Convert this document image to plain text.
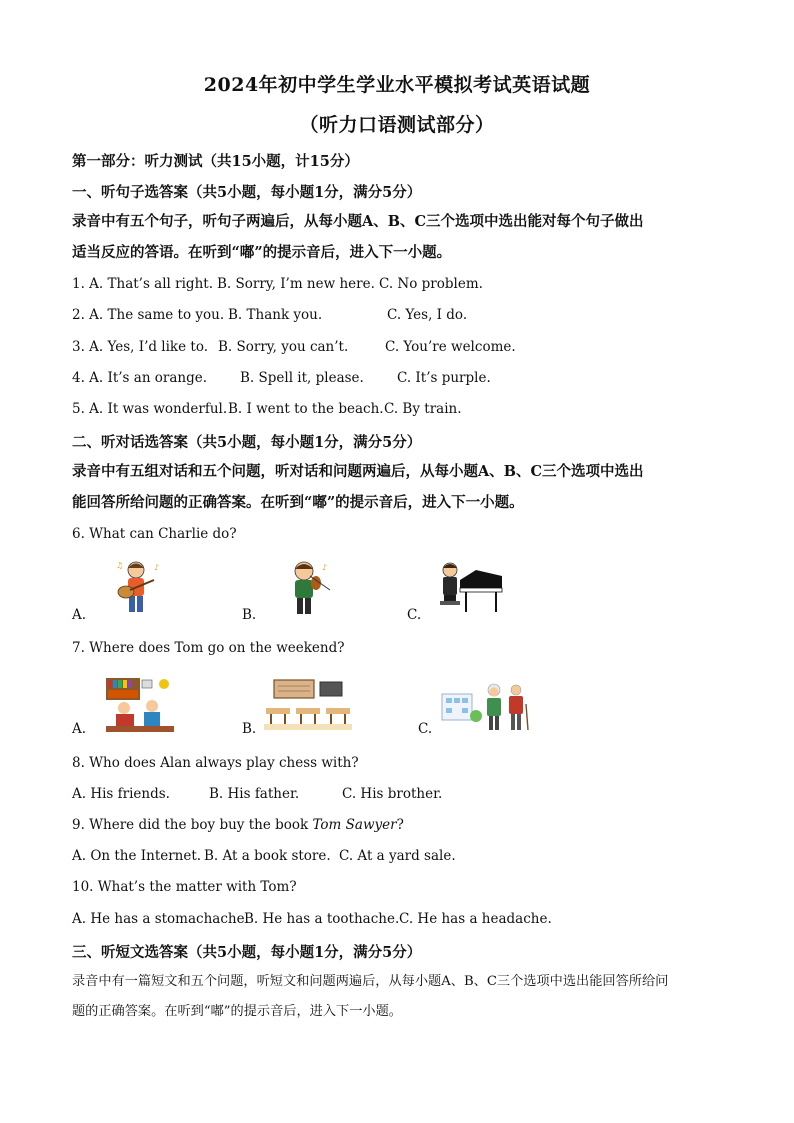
2024年初中学生学业水平模拟考试英语试题
（听力口语测试部分）
第一部分：听力测试（共15小题，计15分）
一、听句子选答案（共5小题，每小题1分，满分5分）
录音中有五个句子，听句子两遍后，从每小题A、B、C三个选项中选出能对每个句子做出
适当反应的答语。在听到“嘟”的提示音后，进入下一小题。
1. A. That’s all right. B. Sorry, I’m new here. C. No problem.
2. A. The same to you. B. Thank you.	C. Yes, I do.
3. A. Yes, I’d like to. B. Sorry, you can’t.	C. You’re welcome.
4. A. It’s an orange. B. Spell it, please. C. It’s purple.
5. A. It was wonderful. B. I went to the beach. C. By train.
二、听对话选答案（共5小题，每小题1分，满分5分）
录音中有五组对话和五个问题，听对话和问题两遍后，从每小题A、B、C三个选项中选出
能回答所给问题的正确答案。在听到“嘟”的提示音后，进入下一小题。
6. What can Charlie do?
A.
♪
♫
B.
♪
C.
7. Where does Tom go on the weekend?
A.	B.	C.
8. Who does Alan always play chess with?
A. His friends.	B. His father.	C. His brother.
9. Where did the boy buy the book Tom Sawyer?
A. On the Internet. B. At a book store. C. At a yard sale.
10. What’s the matter with Tom?
A. He has a stomachache.
B. He has a toothache. C. He has a headache.
三、听短文选答案（共5小题，每小题1分，满分5分）
录音中有一篇短文和五个问题，听短文和问题两遍后，从每小题A、B、C三个选项中选出能回答所给问
题的正确答案。在听到“嘟”的提示音后，进入下一小题。
